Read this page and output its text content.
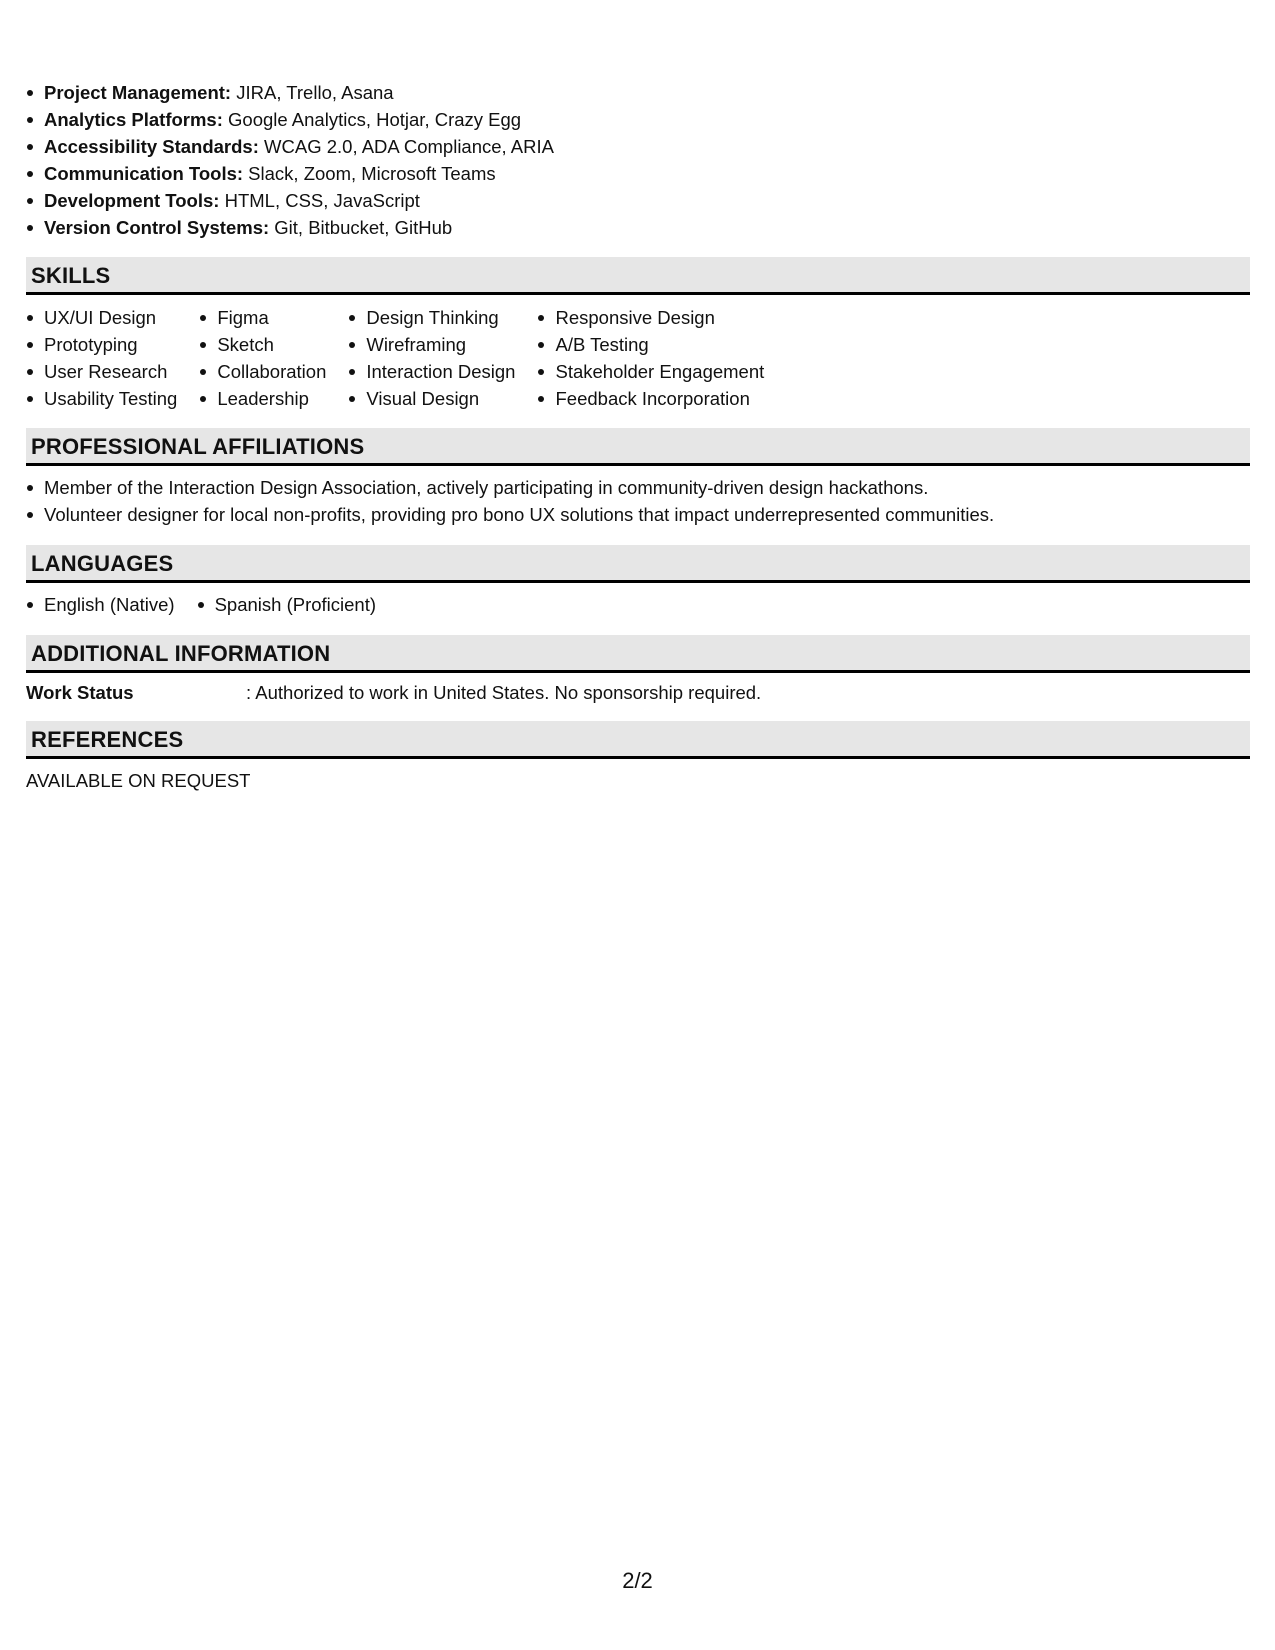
Project Management: JIRA, Trello, Asana
Analytics Platforms: Google Analytics, Hotjar, Crazy Egg
Accessibility Standards: WCAG 2.0, ADA Compliance, ARIA
Communication Tools: Slack, Zoom, Microsoft Teams
Development Tools: HTML, CSS, JavaScript
Version Control Systems: Git, Bitbucket, GitHub
SKILLS
UX/UI Design
Prototyping
User Research
Usability Testing
Figma
Sketch
Collaboration
Leadership
Design Thinking
Wireframing
Interaction Design
Visual Design
Responsive Design
A/B Testing
Stakeholder Engagement
Feedback Incorporation
PROFESSIONAL AFFILIATIONS
Member of the Interaction Design Association, actively participating in community-driven design hackathons.
Volunteer designer for local non-profits, providing pro bono UX solutions that impact underrepresented communities.
LANGUAGES
English (Native)	Spanish (Proficient)
ADDITIONAL INFORMATION
Work Status	: Authorized to work in United States. No sponsorship required.
REFERENCES
AVAILABLE ON REQUEST
2/2
